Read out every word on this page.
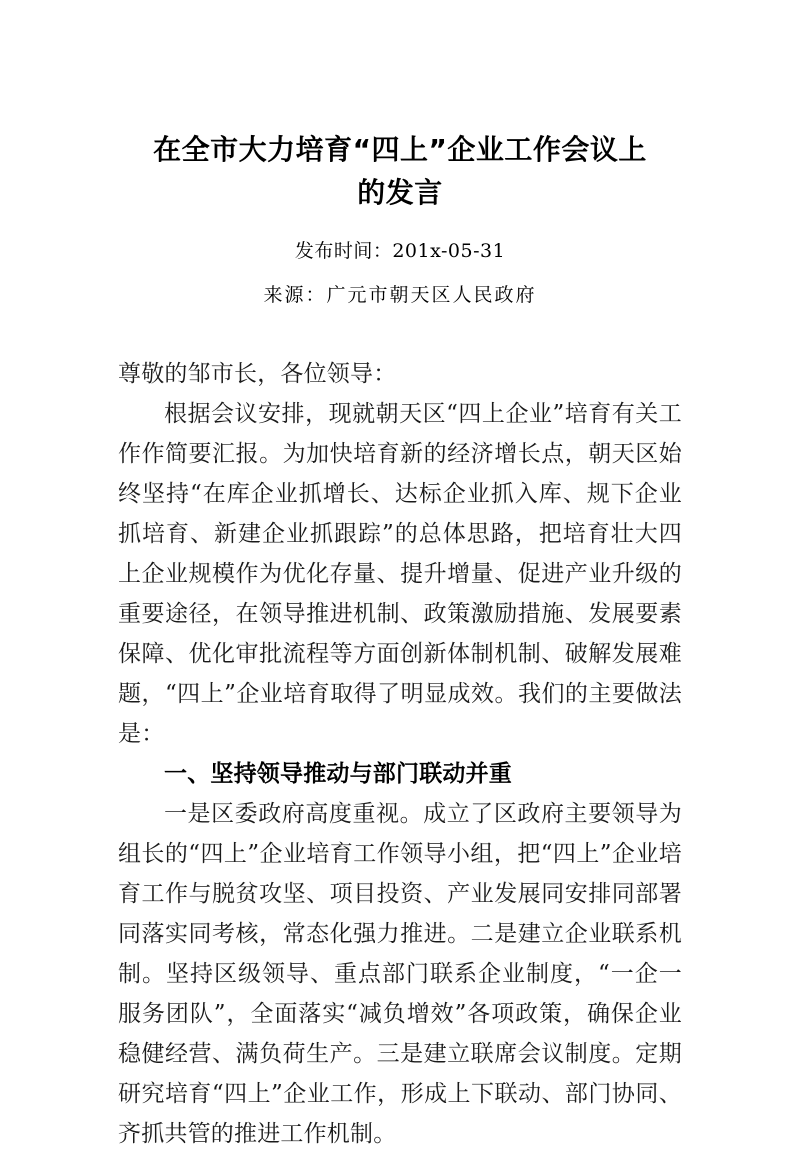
在全市大力培育“四上”企业工作会议上
的发言

发布时间：201x-05-31

来源：广元市朝天区人民政府

尊敬的邹市长，各位领导：

根据会议安排，现就朝天区“四上企业”培育有关工作作简要汇报。为加快培育新的经济增长点，朝天区始终坚持“在库企业抓增长、达标企业抓入库、规下企业抓培育、新建企业抓跟踪”的总体思路，把培育壮大四上企业规模作为优化存量、提升增量、促进产业升级的重要途径，在领导推进机制、政策激励措施、发展要素保障、优化审批流程等方面创新体制机制、破解发展难题，“四上”企业培育取得了明显成效。我们的主要做法是：

一、坚持领导推动与部门联动并重

一是区委政府高度重视。成立了区政府主要领导为组长的“四上”企业培育工作领导小组，把“四上”企业培育工作与脱贫攻坚、项目投资、产业发展同安排同部署同落实同考核，常态化强力推进。二是建立企业联系机制。坚持区级领导、重点部门联系企业制度，“一企一服务团队”，全面落实“减负增效”各项政策，确保企业稳健经营、满负荷生产。三是建立联席会议制度。定期研究培育“四上”企业工作，形成上下联动、部门协同、齐抓共管的推进工作机制。
